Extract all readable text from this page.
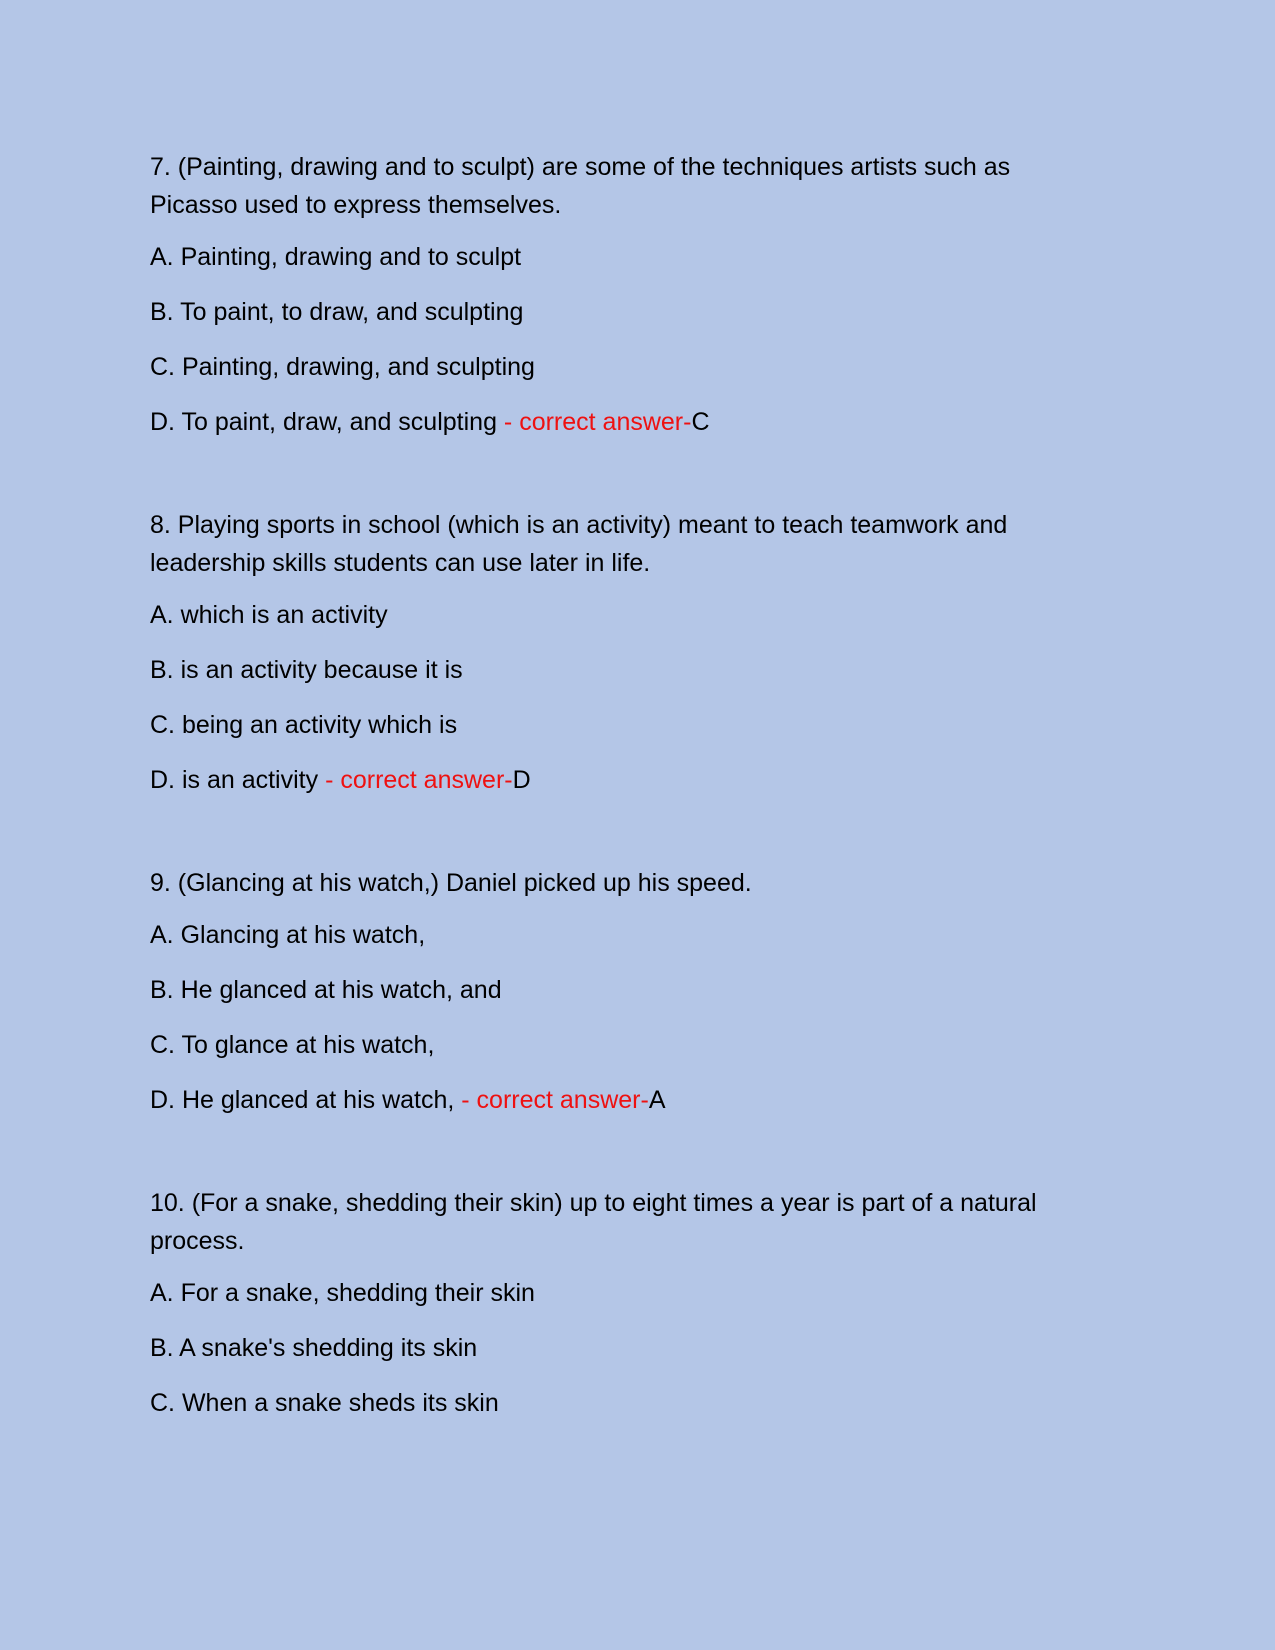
7. (Painting, drawing and to sculpt) are some of the techniques artists such as Picasso used to express themselves.

A. Painting, drawing and to sculpt

B. To paint, to draw, and sculpting

C. Painting, drawing, and sculpting

D. To paint, draw, and sculpting - correct answer-C

8. Playing sports in school (which is an activity) meant to teach teamwork and leadership skills students can use later in life.

A. which is an activity

B. is an activity because it is

C. being an activity which is

D. is an activity - correct answer-D

9. (Glancing at his watch,) Daniel picked up his speed.

A. Glancing at his watch,

B. He glanced at his watch, and

C. To glance at his watch,

D. He glanced at his watch, - correct answer-A

10. (For a snake, shedding their skin) up to eight times a year is part of a natural process.

A. For a snake, shedding their skin

B. A snake's shedding its skin

C. When a snake sheds its skin
